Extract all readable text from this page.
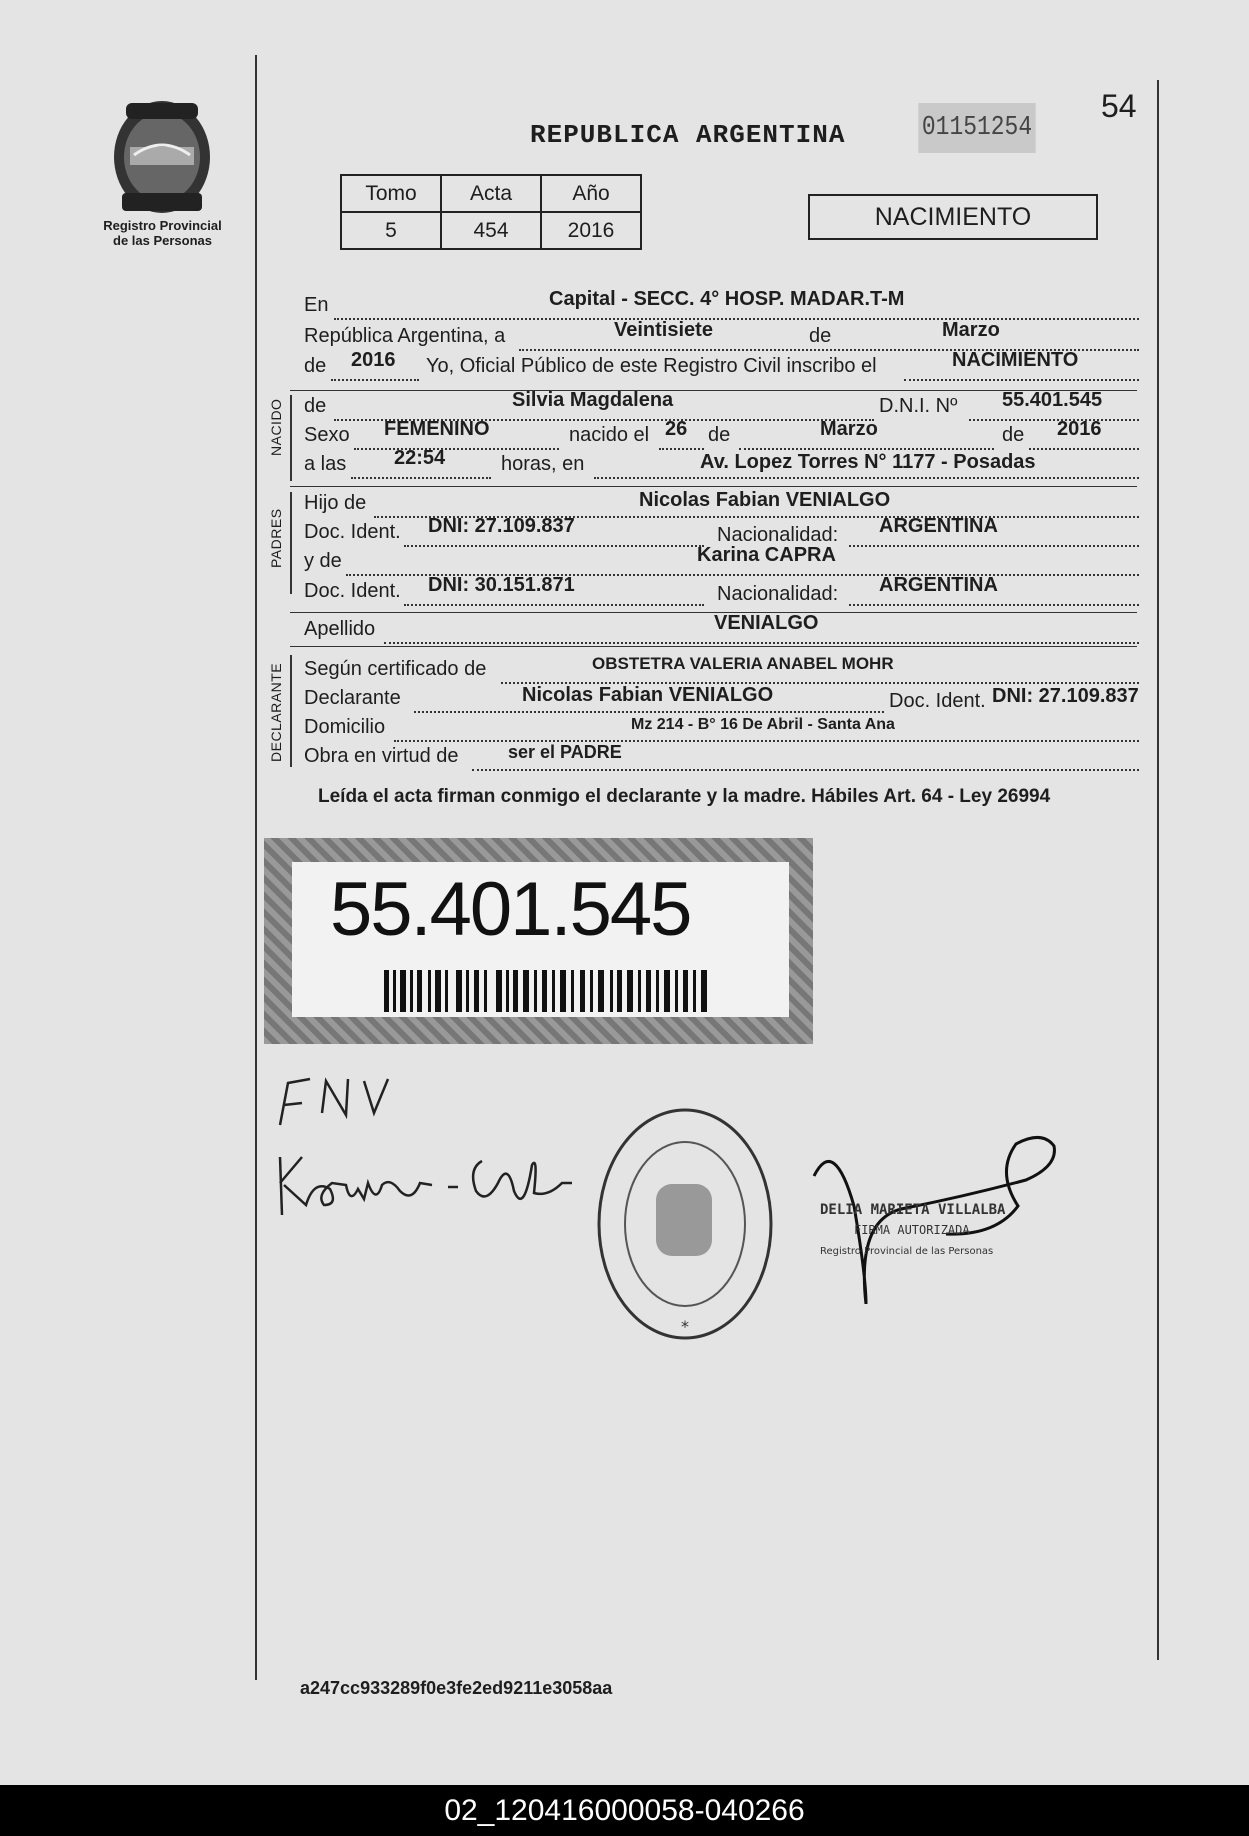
Registro Provincial
de las Personas
REPUBLICA ARGENTINA	01151254
54
Tomo	Acta	Año
5	454	2016	NACIMIENTO
En	Capital - SECC. 4° HOSP. MADAR.T-M
República Argentina, a	Veintisiete	de	Marzo
de 2016 Yo, Oficial Público de este Registro Civil inscribo el	NACIMIENTO
NACIDO de	Silvia Magdalena	D.N.I. Nº 55.401.545
Sexo FEMENINO	nacido el 26 de	Marzo	de 2016
a las 22:54	horas, en	Av. Lopez Torres N° 1177 - Posadas
PADRES
Hijo de	Nicolas Fabian VENIALGO
Doc. Ident. DNI: 27.109.837	Nacionalidad: ARGENTINA
y de	Karina CAPRA
Doc. Ident. DNI: 30.151.871	Nacionalidad: ARGENTINA
Apellido	VENIALGO
DECLARANTE Según certificado de	OBSTETRA VALERIA ANABEL MOHR
Declarante	Nicolas Fabian VENIALGO	Doc. Ident. DNI: 27.109.837
Domicilio	Mz 214 - B° 16 De Abril - Santa Ana
Obra en virtud de	ser el PADRE
Leída el acta firman conmigo el declarante y la madre. Hábiles Art. 64 - Ley 26994
55.401.545
*
DELIA MARIETA VILLALBA
FIRMA AUTORIZADA
Registro Provincial de las Personas
a247cc933289f0e3fe2ed9211e3058aa
02_120416000058-040266
